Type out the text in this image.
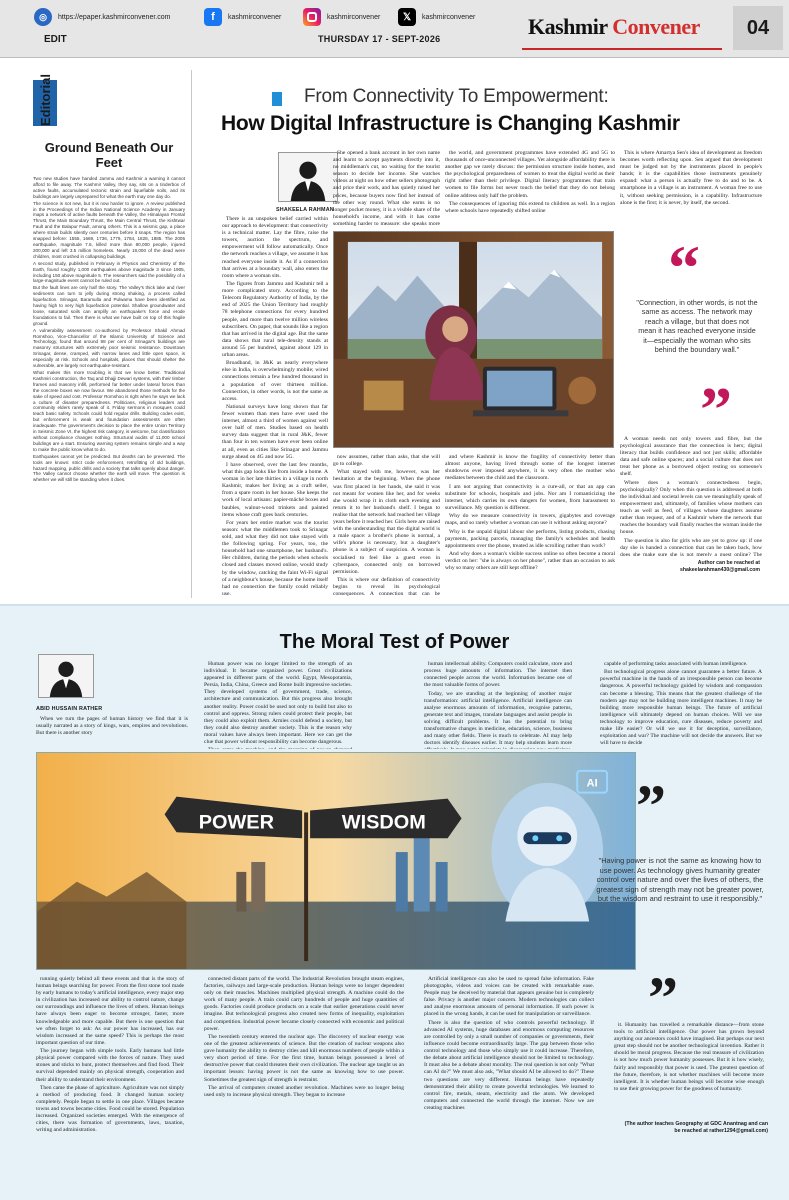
◎	https://epaper.kashmirconvener.com	f	kashmirconvener	kashmirconvener	𝕏	kashmirconvener
EDIT	THURSDAY 17 - SEPT-2026	Kashmir Convener	04
Editorial
Ground Beneath Our Feet

Two new studies have handed Jammu and Kashmir a warning it cannot afford to file away. The Kashmir Valley, they say, sits on a tinderbox of active faults, accumulated tectonic strain and liquefiable soils, and its buildings are largely unprepared for what the earth may one day do.

The science is not new, but it is now harder to ignore. A review published in the Proceedings of the Indian National Science Academy in January maps a network of active faults beneath the Valley, the Himalayan Frontal Thrust, the Main Boundary Thrust, the Main Central Thrust, the Kishtwar Fault and the Balapur Fault, among others. This is a seismic gap, a place where strain builds silently over centuries before it snaps. The region has snapped before: 1555, 1669, 1736, 1779, 1784, 1828, 1885. The 2005 earthquake, magnitude 7.6, killed more than 80,000 people, injured 200,000 and left 3.5 million homeless. Nearly 19,000 of the dead were children, most crushed in collapsing buildings.

A second study, published in February in Physics and Chemistry of the Earth, found roughly 1,000 earthquakes above magnitude 3 since 1905, including 150 above magnitude 5. The researchers said the possibility of a large-magnitude event cannot be ruled out.

But the fault lines are only half the story. The Valley's thick lake and river sediments can turn to jelly during strong shaking, a process called liquefaction. Srinagar, Baramulla and Pulwama have been identified as having high to very high liquefaction potential. Shallow groundwater and loose, saturated soils can amplify an earthquake's force and erode foundations to fail. Then there is what we have built on top of this fragile ground.

A vulnerability assessment co-authored by Professor Shakil Ahmad Romshoo, Vice-Chancellor of the Islamic University of Science and Technology, found that around 98 per cent of Srinagar's buildings are masonry structures with extremely poor seismic resistance. Downtown Srinagar, dense, cramped, with narrow lanes and little open space, is especially at risk. Schools and hospitals, places that should shelter the vulnerable, are largely not earthquake-resistant.

What makes this more troubling is that we know better. Traditional Kashmiri construction, the Taq and Dhajji Dewari systems, with their timber frames and masonry infill, performed far better under lateral forces than the concrete boxes we now favour. We abandoned those methods for the sake of speed and cost. Professor Romshoo is right when he says we lack a culture of disaster preparedness. Politicians, religious leaders and community elders rarely speak of it. Friday sermons in mosques could teach basic safety. Schools could hold regular drills. Building codes exist, but enforcement is weak and foundation assessments are often inadequate. The government's decision to place the entire Union Territory in Seismic Zone VI, the highest risk category, is welcome, but classification without compliance changes nothing. Structural audits of 11,000 school buildings are a start. Ensuring warning system remains simple and a way to make the public know what to do.

Earthquakes cannot yet be predicted. But deaths can be prevented. The tools are known: strict code enforcement, retrofitting of old buildings, hazard mapping, public drills and a society that talks openly about danger. The Valley cannot choose whether the earth will move. The question is whether we will still be standing when it does.

From Connectivity To Empowerment:
How Digital Infrastructure is Changing Kashmir
SHAKEELA RAHMAN

There is an unspoken belief carried within our approach to development: that connectivity is a technical matter. Lay the fibre, raise the towers, auction the spectrum, and empowerment will follow automatically. Once the network reaches a village, we assume it has reached everyone inside it. As if a connection that arrives at a boundary wall, also enters the room where a woman sits.

The figures from Jammu and Kashmir tell a more complicated story. According to the Telecom Regulatory Authority of India, by the end of 2025 the Union Territory had roughly 78 telephone connections for every hundred people, and more than twelve million wireless subscribers. On paper, that sounds like a region that has arrived in the digital age. But the same data shows that rural tele-density stands at around 55 per hundred, against about 129 in urban areas.

Broadband, in J&K as nearly everywhere else in India, is overwhelmingly mobile; wired connections remain a few hundred thousand in a population of over thirteen million. Connection, in other words, is not the same as access.

National surveys have long shown that far fewer women than men have ever used the internet, almost a third of women against well over half of men. Studies based on health survey data suggest that in rural J&K, fewer than four in ten women have ever been online at all, even as cities like Srinagar and Jammu surge ahead on 4G and now 5G.

I have observed, over the last few months, what this gap looks like from inside a home. A woman in her late thirties in a village in north Kashmir, makes her living as a craft seller, from a spare room in her house. She keeps the work of local artisans: papier-mâché boxes and baubles, walnut-wood trinkets and painted items whose craft goes back centuries.

For years her entire market was the tourist season: what the middlemen took to Srinagar sold, and what they did not take stayed with the following spring. For years, too, the household had one smartphone, her husband's. Her children, during the periods when schools closed and classes moved online, would study by the window, catching the faint Wi-Fi signal of a neighbour's house, because the home itself had no connection the family could reliably use.

She opened a bank account in her own name and learnt to accept payments directly into it, no middleman's cut, no waiting for the tourist season to decide her income. She watches videos at night on how other sellers photograph and price their work, and has quietly raised her prices, because buyers now find her instead of the other way round. What she earns is no longer pocket money, it is a visible share of the household's income, and with it has come something harder to measure: she speaks more

the world, and government programmes have extended 4G and 5G to thousands of once-unconnected villages. Yet alongside affordability there is another gap we rarely discuss: the permission structure inside homes, and the psychological preparedness of women to treat the digital world as their right rather than their privilege. Digital literacy programmes that train women to file forms but never touch the belief that they do not belong online address only half the problem.

The consequences of ignoring this extend to children as well. In a region where schools have repeatedly shifted online

now assumes, rather than asks, that she will go to college.

What stayed with me, however, was her hesitation at the beginning. When the phone was first placed in her hands, she said it was not meant for women like her, and for weeks she would wrap it in cloth each evening and return it to her husband's shelf. I began to realise that the network had reached her village years before it reached her. Girls here are raised with the understanding that the digital world is a male space: a brother's phone is normal, a wife's phone is necessary, but a daughter's phone is a subject of suspicion. A woman is socialised to feel like a guest even in cyberspace, connected only on borrowed permission.

This is where our definition of connectivity begins to reveal its psychological consequences. A connection that can be

and where Kashmir is know the fragility of connectivity better than almost anyone, having lived through some of the longest internet shutdowns ever imposed anywhere, it is very often the mother who mediates between the child and the classroom.

I am not arguing that connectivity is a cure-all, or that an app can substitute for schools, hospitals and jobs. Nor am I romanticizing the internet, which carries its own dangers for women, from harassment to surveillance. My question is different.

Why do we measure connectivity in towers, gigabytes and coverage maps, and so rarely whether a woman can use it without asking anyone?

Why is the unpaid digital labour she performs, listing products, chasing payments, packing parcels, managing the family's schedules and health appointments over the phone, treated as idle scrolling rather than work?

And why does a woman's visible success online so often become a moral verdict on her: "she is always on her phone", rather than an occasion to ask why so many others are still kept offline?

This is where Amartya Sen's idea of development as freedom becomes worth reflecting upon. Sen argued that development must be judged not by the instruments placed in people's hands; it is the capabilities those instruments genuinely expand: what a person is actually free to do and to be. A smartphone in a village is an instrument. A woman free to use it, without seeking permission, is a capability. Infrastructure alone is the first; it is never, by itself, the second.

“
"Connection, in other words, is not the same as access. The network may reach a village, but that does not mean it has reached everyone inside it—especially the woman who sits behind the boundary wall."
”

A woman needs not only towers and fibre, but the psychological assurance that the connection is hers; digital literacy that builds confidence and not just skills; affordable data and safe online spaces; and a social culture that does not treat her phone as a borrowed object resting on someone's shelf.

Where does a woman's connectedness begin, psychologically? Only when this question is addressed at both the individual and societal levels can we meaningfully speak of empowerment and, ultimately, of families whose mothers can teach as well as feed, of villages whose daughters assume rather than request, and of a Kashmir where the network that reaches the boundary wall finally reaches the woman inside the house.

The question is also for girls who are yet to grow up: if one day she is handed a connection that can be taken back, how does she make sure she is not merely a guest online? The

Author can be reached at
shakeelarahman430@gmail.com
The Moral Test of Power
ABID HUSSAIN RATHER

When we turn the pages of human history we find that it is usually narrated as a story of kings, wars, empires and revolutions. But there is another story

Human power was no longer limited to the strength of an individual. It became organized power. Great civilizations appeared in different parts of the world. Egypt, Mesopotamia, Persia, India, China, Greece and Rome built impressive societies. They developed systems of government, trade, science, architecture and communication. But this progress also brought another reality. Power could be used not only to build but also to control and oppress. Strong rulers could protect their people, but they could also exploit them. Armies could defend a society, but they could also destroy another society. This is the reason why moral values have always been important. Here we can get the clue that power without responsibility can become dangerous.

human intellectual ability. Computers could calculate, store and process huge amounts of information. The internet then connected people across the world. Information became one of the most valuable forms of power.

Today, we are standing at the beginning of another major transformation: artificial intelligence. Artificial intelligence can analyse enormous amounts of information, recognise patterns, generate text and images, translate languages and assist people in solving difficult problems. It has the potential to bring transformative changes in medicine, education, science, business and many other fields. There is much to celebrate. AI may help doctors identify diseases earlier. It may help students learn more

capable of performing tasks associated with human intelligence.

But technological progress alone cannot guarantee a better future. A powerful machine in the hands of an irresponsible person can become dangerous. A powerful technology guided by wisdom and compassion can become a blessing. This means that the greatest challenge of the modern age may not be building more intelligent machines. It may be building more responsible human beings. The future of artificial intelligence will ultimately depend on human choices. Will we use technology to improve education, cure diseases, reduce poverty and make life easier? Or will we use it for deception, surveillance, exploitation and war? The machine will not decide the answers. But we will have to decide

POWER	WISDOM
AI ”
"Having power is not the same as knowing how to use power. As technology gives humanity greater control over nature and over the lives of others, the greatest sign of strength may not be greater power, but the wisdom and restraint to use it responsibly."
”

running quietly behind all these events and that is the story of human beings searching for power. From the first stone tool made by early humans to today's artificial intelligence, every major step in civilization has increased our ability to control nature, change our surroundings and influence the lives of others. Human beings have always been eager to become stronger, faster, more knowledgeable and more capable. But there is one question that we often forget to ask: As our power has increased, has our wisdom increased at the same speed? This is perhaps the most important question of our time.

The journey began with simple tools. Early humans had little physical power compared with the forces of nature. They used stones and sticks to hunt, protect themselves and find food. Their survival depended mainly on physical strength, cooperation and their ability to understand their environment.

Then came the phase of agriculture. Agriculture was not simply a method of producing food. It changed human society completely. People began to settle in one place. Villages became towns and towns became cities. Food could be stored. Population increased. Organized societies emerged. With the emergence of cities, there was formation of governments, laws, taxation, writing and administration.

connected distant parts of the world. The Industrial Revolution brought steam engines, factories, railways and large-scale production. Human beings were no longer dependent only on their muscles. Machines multiplied physical strength. A machine could do the work of many people. A train could carry hundreds of people and huge quantities of goods. Factories could produce products on a scale that earlier generations could never imagine. But technological progress also created new forms of inequality, exploitation and competition. Industrial power became closely connected with economic and political power.

The twentieth century entered the nuclear age. The discovery of nuclear energy was one of the greatest achievements of science. But the creation of nuclear weapons also gave humanity the ability to destroy cities and kill enormous numbers of people within a very short period of time. For the first time, human beings possessed a level of destructive power that could threaten their own civilization. The nuclear age taught us an important lesson: having power is not the same as knowing how to use power. Sometimes the greatest sign of strength is restraint.

The arrival of computers created another revolution. Machines were no longer being used only to increase physical strength. They began to increase

Artificial intelligence can also be used to spread false information. Fake photographs, videos and voices can be created with remarkable ease. People may be deceived by material that appears genuine but is completely false. Privacy is another major concern. Modern technologies can collect and analyse enormous amounts of personal information. If such power is placed in the wrong hands, it can be used for manipulation or surveillance.

There is also the question of who controls powerful technology. If advanced AI systems, huge databases and enormous computing resources are controlled by only a small number of companies or governments, their influence could become extraordinarily large. The gap between those who control technology and those who simply use it could increase. Therefore, the debate about artificial intelligence should not be limited to technology. It must also be a debate about morality. The real question is not only "What can AI do?" We must also ask, "What should AI be allowed to do?" These two questions are very different. Human beings have repeatedly demonstrated their ability to create powerful technologies. We learned to control fire, metals, steam, electricity and the atom. We developed computers and connected the world through the internet. Now we are creating machines

it. Humanity has travelled a remarkable distance—from stone tools to artificial intelligence. Our power has grown beyond anything our ancestors could have imagined. But perhaps our next great step should not be another technological invention. Rather it should be moral progress. Because the real measure of civilization is not how much power humanity possesses. But it is how wisely, fairly and responsibly that power is used. The greatest question of the future, therefore, is not whether machines will become more intelligent. It is whether human beings will become wise enough to use their growing power for the goodness of humanity.

(The author teaches Geography at GDC Anantnag and can
be reached at rather1294@gmail.com)
